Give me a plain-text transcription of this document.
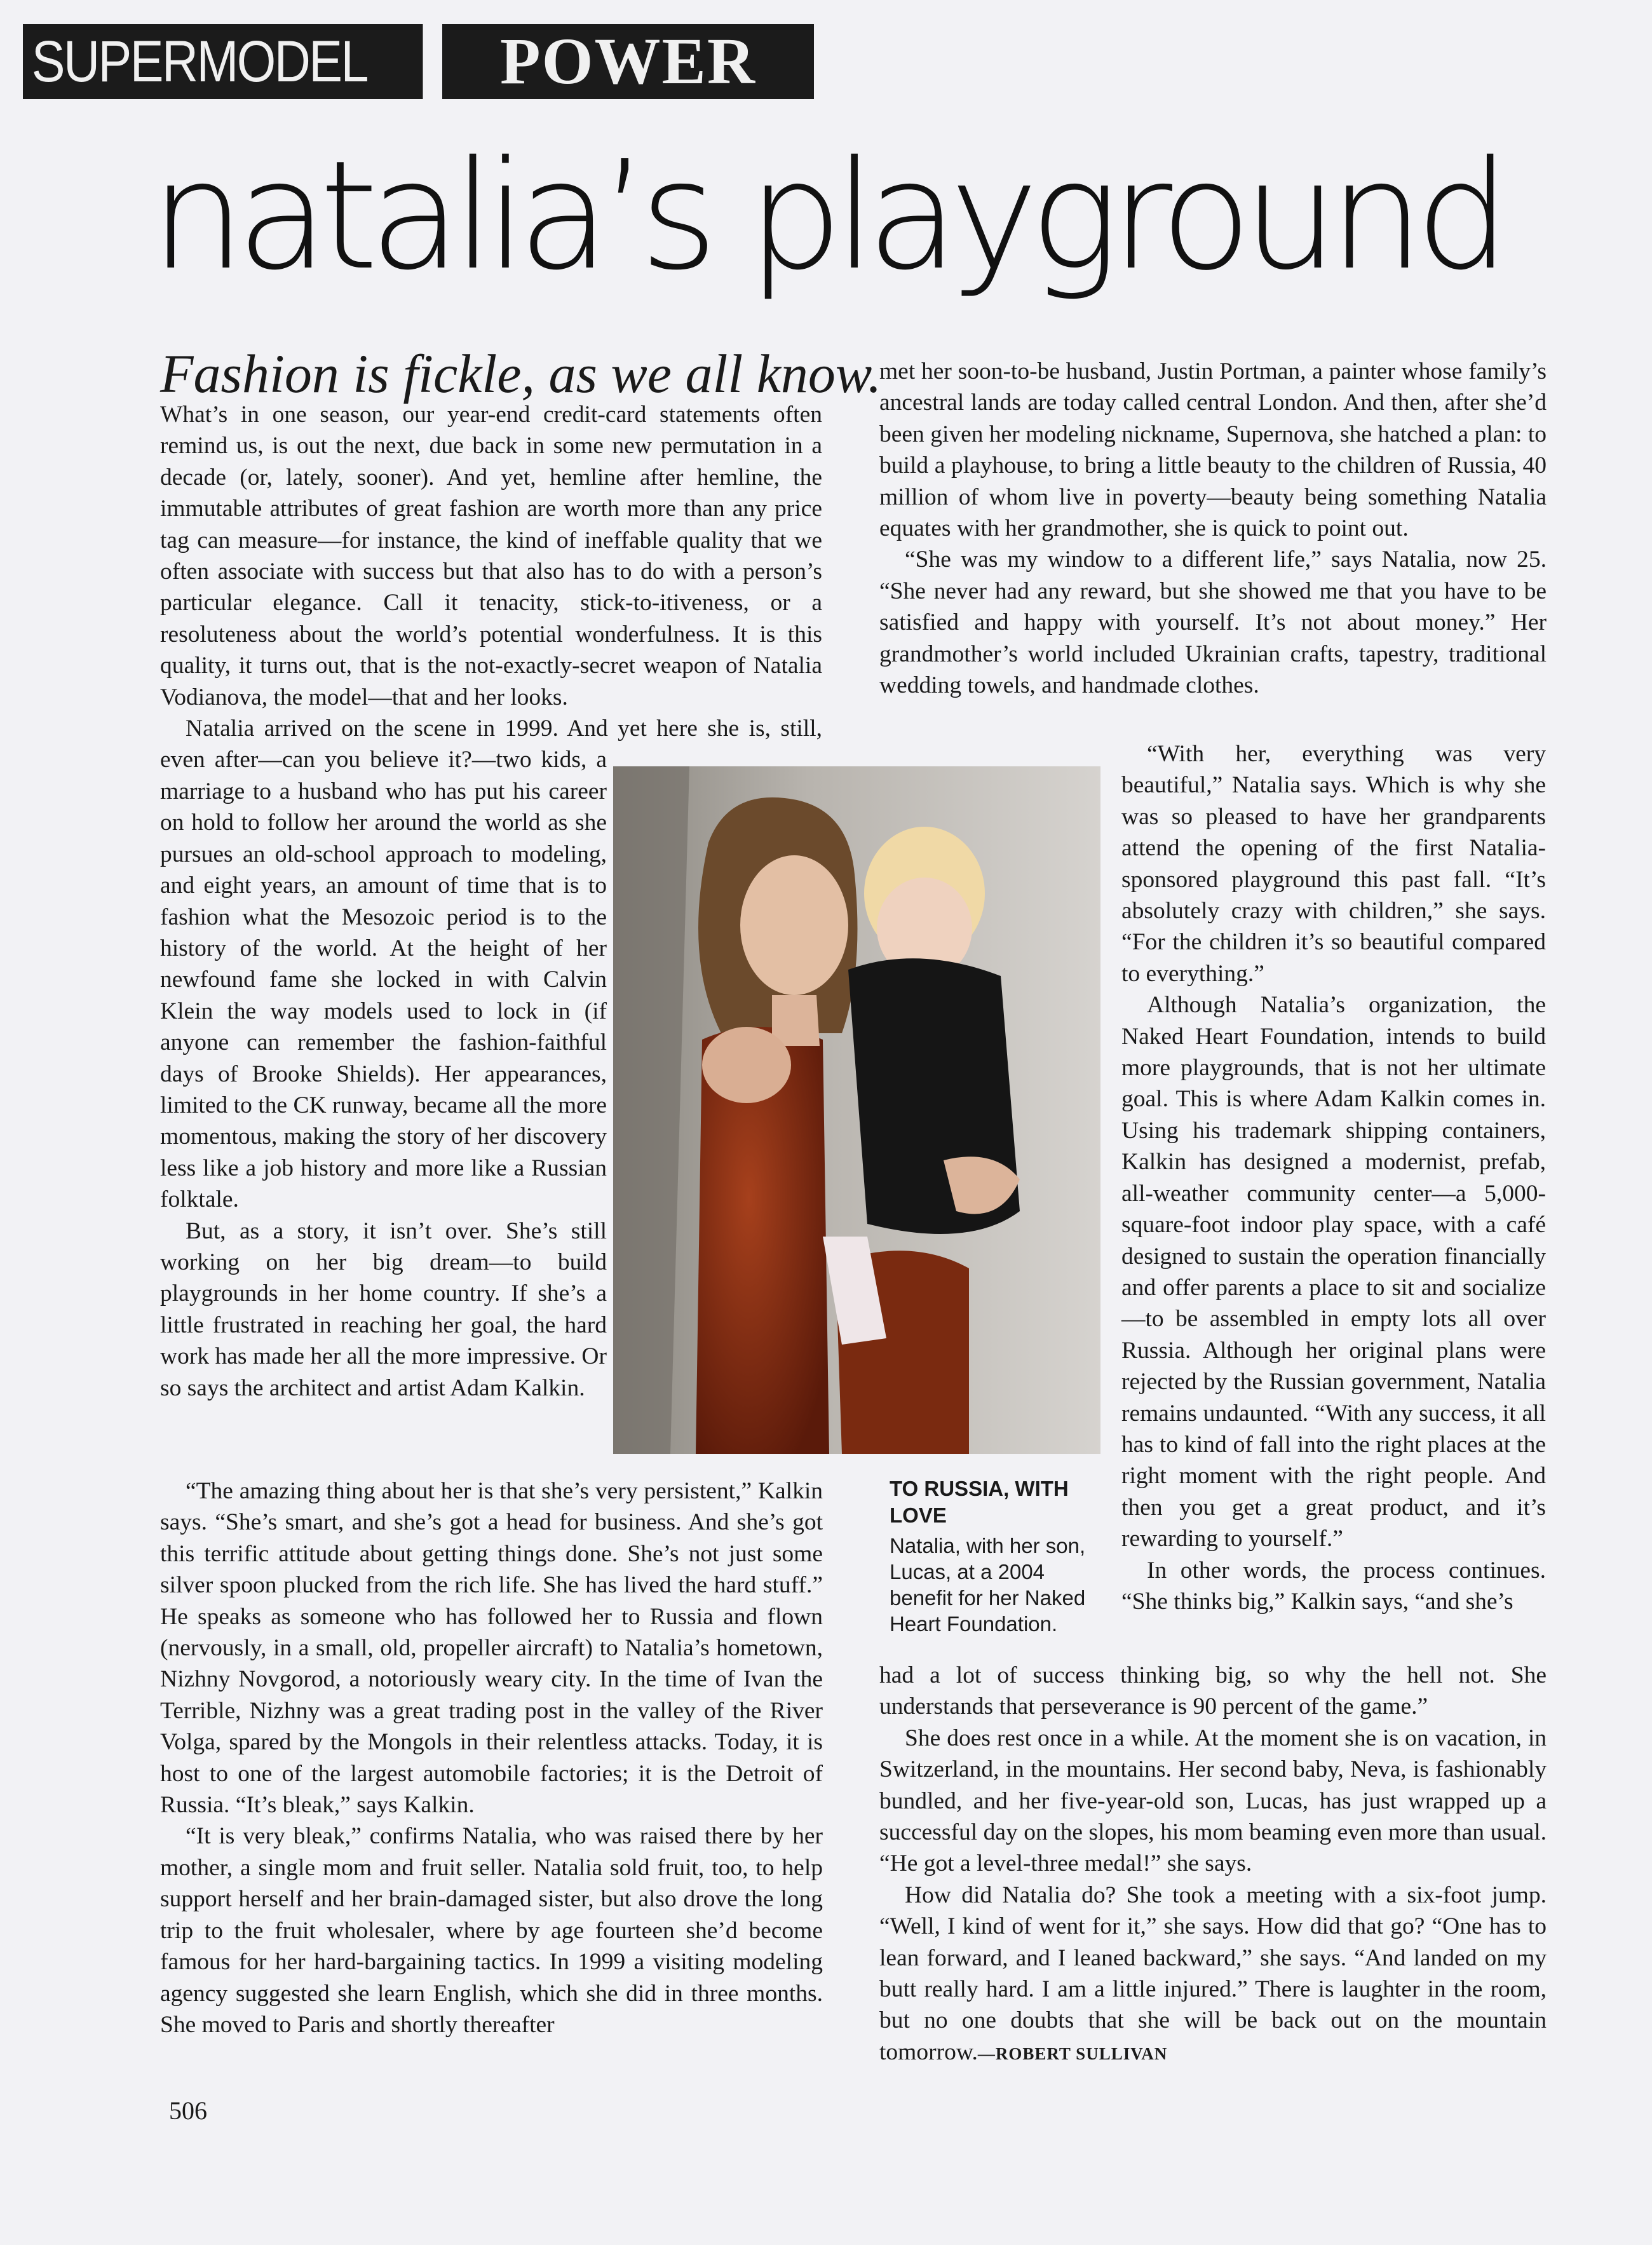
SUPERMODEL	POWER
natalia’s playground
Fashion is fickle, as we all know.

What’s in one season, our year-end credit-card statements often remind us, is out the next, due back in some new permutation in a decade (or, lately, sooner). And yet, hemline after hemline, the immutable attributes of great fashion are worth more than any price tag can measure—for instance, the kind of ineffable quality that we often associate with success but that also has to do with a person’s particular elegance. Call it tenacity, stick-to-itiveness, or a resoluteness about the world’s potential wonderfulness. It is this quality, it turns out, that is the not-exactly-secret weapon of Natalia Vodianova, the model—that and her looks.

Natalia arrived on the scene in 1999. And yet here she is, still, even after—can you believe it?—two kids, a marriage to a husband who has put his career on hold to follow her around the world as she pursues an old-school approach to modeling, and eight years, an amount of time that is to fashion what the Mesozoic period is to the history of the world. At the height of her newfound fame she locked in with Calvin Klein the way models used to lock in (if anyone can remember the fashion-faithful days of Brooke Shields). Her appearances, limited to the CK runway, became all the more momentous, making the story of her discovery less like a job history and more like a Russian folktale.

But, as a story, it isn’t over. She’s still working on her big dream—to build playgrounds in her home country. If she’s a little frustrated in reaching her goal, the hard work has made her all the more impressive. Or so says the architect and artist Adam Kalkin.

“The amazing thing about her is that she’s very persistent,” Kalkin says. “She’s smart, and she’s got a head for business. And she’s got this terrific attitude about getting things done. She’s not just some silver spoon plucked from the rich life. She has lived the hard stuff.” He speaks as someone who has followed her to Russia and flown (nervously, in a small, old, propeller aircraft) to Natalia’s hometown, Nizhny Novgorod, a notoriously weary city. In the time of Ivan the Terrible, Nizhny was a great trading post in the valley of the River Volga, spared by the Mongols in their relentless attacks. Today, it is host to one of the largest automobile factories; it is the Detroit of Russia. “It’s bleak,” says Kalkin.

“It is very bleak,” confirms Natalia, who was raised there by her mother, a single mom and fruit seller. Natalia sold fruit, too, to help support herself and her brain-damaged sister, but also drove the long trip to the fruit wholesaler, where by age fourteen she’d become famous for her hard-bargaining tactics. In 1999 a visiting modeling agency suggested she learn English, which she did in three months. She moved to Paris and shortly thereafter

met her soon-to-be husband, Justin Portman, a painter whose family’s ancestral lands are today called central London. And then, after she’d been given her modeling nickname, Supernova, she hatched a plan: to build a playhouse, to bring a little beauty to the children of Russia, 40 million of whom live in poverty—beauty being something Natalia equates with her grandmother, she is quick to point out.

“She was my window to a different life,” says Natalia, now 25. “She never had any reward, but she showed me that you have to be satisfied and happy with yourself. It’s not about money.” Her grandmother’s world included Ukrainian crafts, tapestry, traditional wedding towels, and handmade clothes.

“With her, everything was very beautiful,” Natalia says. Which is why she was so pleased to have her grandparents attend the opening of the first Natalia-sponsored playground this past fall. “It’s absolutely crazy with children,” she says. “For the children it’s so beautiful compared to everything.”

Although Natalia’s organization, the Naked Heart Foundation, intends to build more playgrounds, that is not her ultimate goal. This is where Adam Kalkin comes in. Using his trademark shipping containers, Kalkin has designed a modernist, prefab, all-weather community center—a 5,000-square-foot indoor play space, with a café designed to sustain the operation financially and offer parents a place to sit and socialize—to be assembled in empty lots all over Russia. Although her original plans were rejected by the Russian government, Natalia remains undaunted. “With any success, it all has to kind of fall into the right places at the right moment with the right people. And then you get a great product, and it’s rewarding to yourself.”

In other words, the process continues. “She thinks big,” Kalkin says, “and she’s

TO RUSSIA, WITH LOVE
Natalia, with her son, Lucas, at a 2004 benefit for her Naked Heart Foundation.

had a lot of success thinking big, so why the hell not. She understands that perseverance is 90 percent of the game.”

She does rest once in a while. At the moment she is on vacation, in Switzerland, in the mountains. Her second baby, Neva, is fashionably bundled, and her five-year-old son, Lucas, has just wrapped up a successful day on the slopes, his mom beaming even more than usual. “He got a level-three medal!” she says.

How did Natalia do? She took a meeting with a six-foot jump. “Well, I kind of went for it,” she says. How did that go? “One has to lean forward, and I leaned backward,” she says. “And landed on my butt really hard. I am a little injured.” There is laughter in the room, but no one doubts that she will be back out on the mountain tomorrow.—ROBERT SULLIVAN

506
